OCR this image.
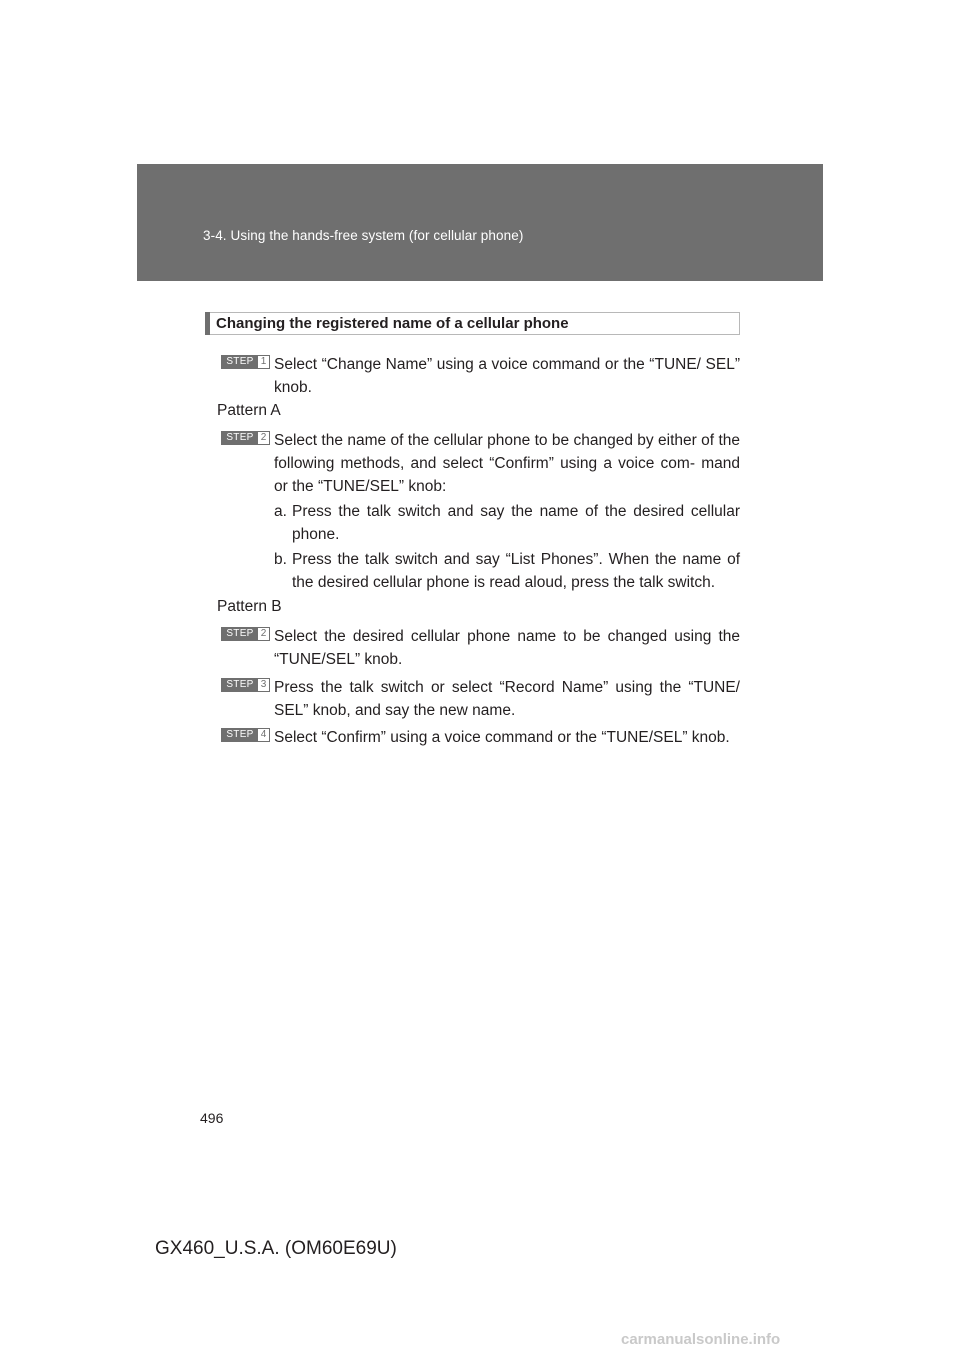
3-4. Using the hands-free system (for cellular phone)
Changing the registered name of a cellular phone
STEP 1 Select “Change Name” using a voice command or the “TUNE/ SEL” knob.
Pattern A
STEP 2 Select the name of the cellular phone to be changed by either of the following methods, and select “Confirm” using a voice com- mand or the “TUNE/SEL” knob:
a. Press the talk switch and say the name of the desired cellular phone.
b. Press the talk switch and say “List Phones”. When the name of the desired cellular phone is read aloud, press the talk switch.
Pattern B
STEP 2 Select the desired cellular phone name to be changed using the “TUNE/SEL” knob.
STEP 3 Press the talk switch or select “Record Name” using the “TUNE/ SEL” knob, and say the new name.
STEP 4 Select “Confirm” using a voice command or the “TUNE/SEL” knob.
496
GX460_U.S.A. (OM60E69U)
carmanualsonline.info
